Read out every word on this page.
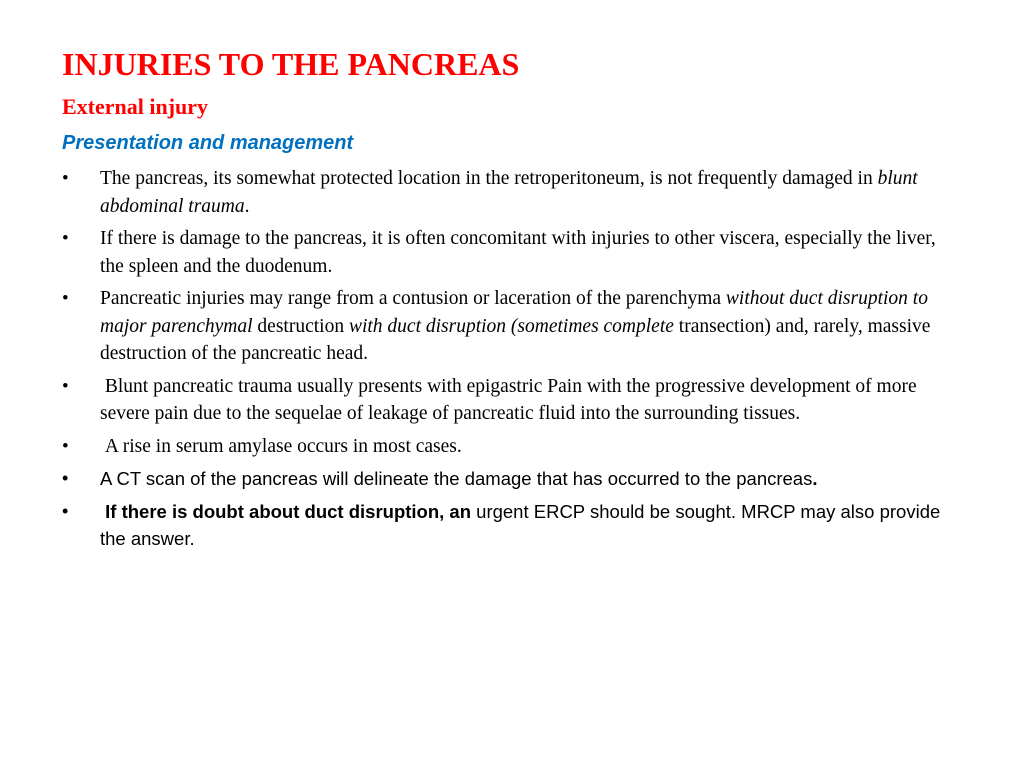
INJURIES TO THE PANCREAS
External injury
Presentation and management
• The pancreas, its somewhat protected location in the retroperitoneum, is not frequently damaged in blunt abdominal trauma.
• If there is damage to the pancreas, it is often concomitant with injuries to other viscera, especially the liver, the spleen and the duodenum.
• Pancreatic injuries may range from a contusion or laceration of the parenchyma without duct disruption to major parenchymal destruction with duct disruption (sometimes complete transection) and, rarely, massive destruction of the pancreatic head.
• Blunt pancreatic trauma usually presents with epigastric Pain with the progressive development of more severe pain due to the sequelae of leakage of pancreatic fluid into the surrounding tissues.
• A rise in serum amylase occurs in most cases.
• A CT scan of the pancreas will delineate the damage that has occurred to the pancreas.
• If there is doubt about duct disruption, an urgent ERCP should be sought. MRCP may also provide the answer.
